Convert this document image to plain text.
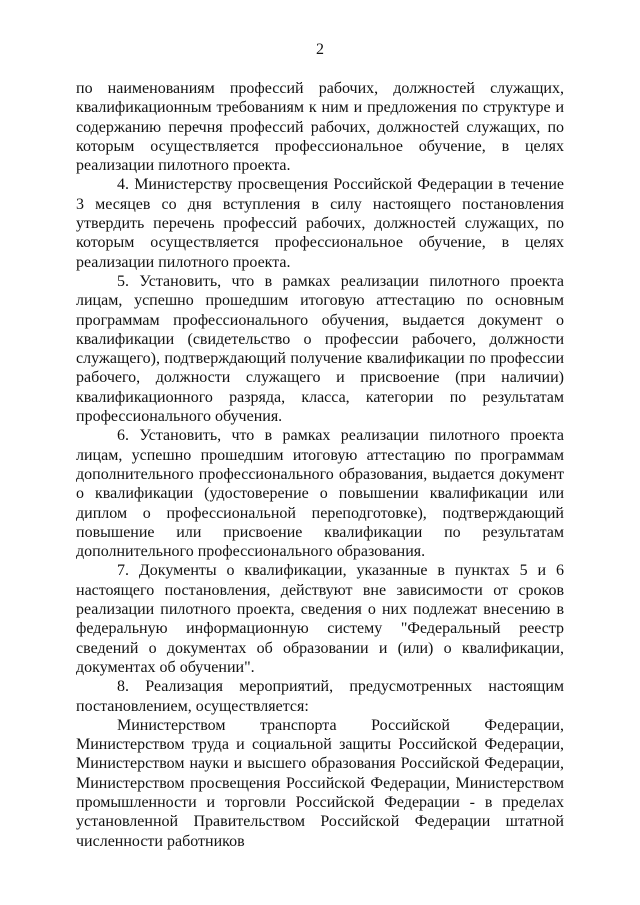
2

по наименованиям профессий рабочих, должностей служащих, квалификационным требованиям к ним и предложения по структуре и содержанию перечня профессий рабочих, должностей служащих, по которым осуществляется профессиональное обучение, в целях реализации пилотного проекта.

4. Министерству просвещения Российской Федерации в течение 3 месяцев со дня вступления в силу настоящего постановления утвердить перечень профессий рабочих, должностей служащих, по которым осуществляется профессиональное обучение, в целях реализации пилотного проекта.

5. Установить, что в рамках реализации пилотного проекта лицам, успешно прошедшим итоговую аттестацию по основным программам профессионального обучения, выдается документ о квалификации (свидетельство о профессии рабочего, должности служащего), подтверждающий получение квалификации по профессии рабочего, должности служащего и присвоение (при наличии) квалификационного разряда, класса, категории по результатам профессионального обучения.

6. Установить, что в рамках реализации пилотного проекта лицам, успешно прошедшим итоговую аттестацию по программам дополнительного профессионального образования, выдается документ о квалификации (удостоверение о повышении квалификации или диплом о профессиональной переподготовке), подтверждающий повышение или присвоение квалификации по результатам дополнительного профессионального образования.

7. Документы о квалификации, указанные в пунктах 5 и 6 настоящего постановления, действуют вне зависимости от сроков реализации пилотного проекта, сведения о них подлежат внесению в федеральную информационную систему "Федеральный реестр сведений о документах об образовании и (или) о квалификации, документах об обучении".

8. Реализация мероприятий, предусмотренных настоящим постановлением, осуществляется:

Министерством транспорта Российской Федерации, Министерством труда и социальной защиты Российской Федерации, Министерством науки и высшего образования Российской Федерации, Министерством просвещения Российской Федерации, Министерством промышленности и торговли Российской Федерации - в пределах установленной Правительством Российской Федерации штатной численности работников
